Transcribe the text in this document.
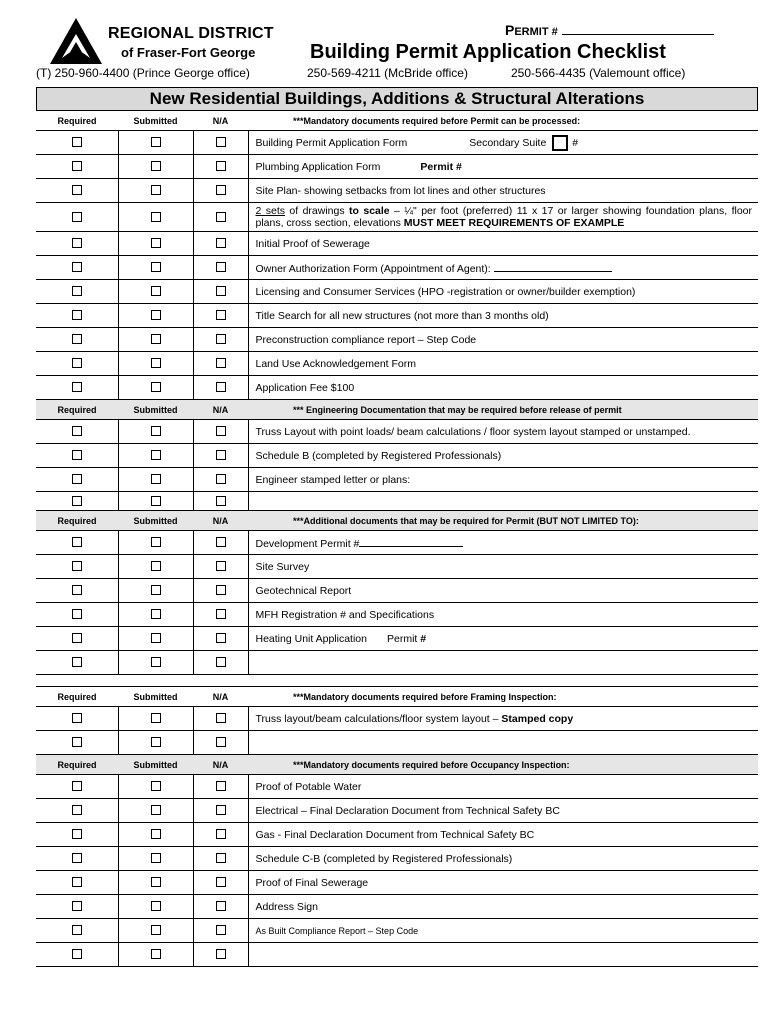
REGIONAL DISTRICT
of Fraser-Fort George
PERMIT #
Building Permit Application Checklist
(T) 250-960-4400 (Prince George office)	250-569-4211 (McBride office)	250-566-4435 (Valemount office)
New Residential Buildings, Additions & Structural Alterations
Required	Submitted	N/A	***Mandatory documents required before Permit can be processed:
			Building Permit Application Form Secondary Suite #
			Plumbing Application Form Permit #
			Site Plan- showing setbacks from lot lines and other structures
			2 sets of drawings to scale – ¼" per foot (preferred) 11 x 17 or larger showing foundation plans, floor plans, cross section, elevations MUST MEET REQUIREMENTS OF EXAMPLE
			Initial Proof of Sewerage
			Owner Authorization Form (Appointment of Agent):
			Licensing and Consumer Services (HPO -registration or owner/builder exemption)
			Title Search for all new structures (not more than 3 months old)
			Preconstruction compliance report – Step Code
			Land Use Acknowledgement Form
			Application Fee $100
Required	Submitted	N/A	*** Engineering Documentation that may be required before release of permit
			Truss Layout with point loads/ beam calculations / floor system layout stamped or unstamped.
			Schedule B (completed by Registered Professionals)
			Engineer stamped letter or plans:

Required	Submitted	N/A	***Additional documents that may be required for Permit (BUT NOT LIMITED TO):
			Development Permit #
			Site Survey
			Geotechnical Report
			MFH Registration # and Specifications
			Heating Unit Application Permit #

Required	Submitted	N/A	***Mandatory documents required before Framing Inspection:
			Truss layout/beam calculations/floor system layout – Stamped copy

Required	Submitted	N/A	***Mandatory documents required before Occupancy Inspection:
			Proof of Potable Water
			Electrical – Final Declaration Document from Technical Safety BC
			Gas - Final Declaration Document from Technical Safety BC
			Schedule C-B (completed by Registered Professionals)
			Proof of Final Sewerage
			Address Sign
			As Built Compliance Report – Step Code
